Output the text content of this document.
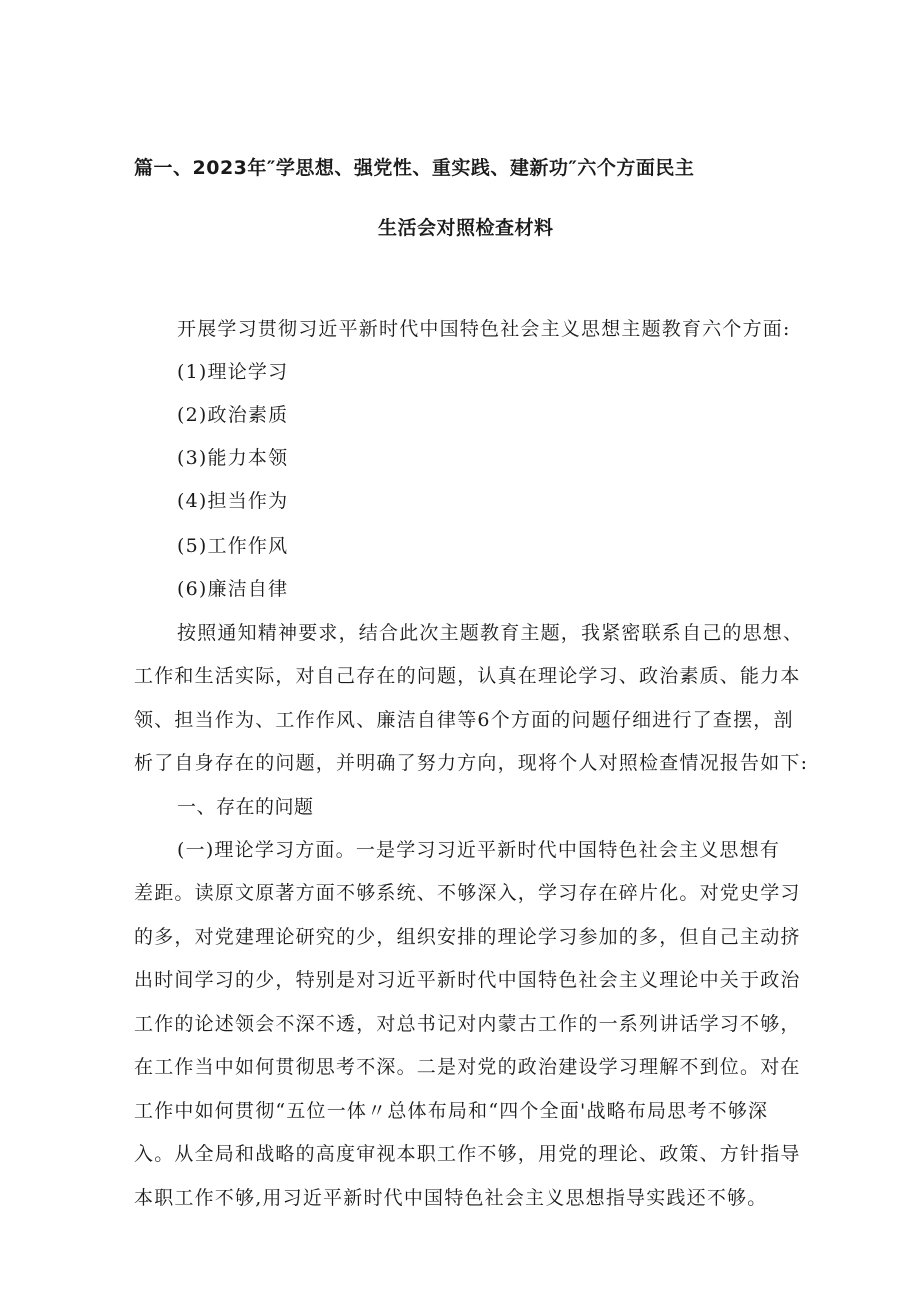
篇一、2023年″学思想、强党性、重实践、建新功″六个方面民主
生活会对照检查材料
开展学习贯彻习近平新时代中国特色社会主义思想主题教育六个方面:
(1)理论学习
(2)政治素质
(3)能力本领
(4)担当作为
(5)工作作风
(6)廉洁自律
按照通知精神要求，结合此次主题教育主题，我紧密联系自己的思想、
工作和生活实际，对自己存在的问题，认真在理论学习、政治素质、能力本
领、担当作为、工作作风、廉洁自律等6个方面的问题仔细进行了查摆，剖
析了自身存在的问题，并明确了努力方向，现将个人对照检查情况报告如下:
一、存在的问题
(一)理论学习方面。一是学习习近平新时代中国特色社会主义思想有
差距。读原文原著方面不够系统、不够深入，学习存在碎片化。对党史学习
的多，对党建理论研究的少，组织安排的理论学习参加的多，但自己主动挤
出时间学习的少，特别是对习近平新时代中国特色社会主义理论中关于政治
工作的论述领会不深不透，对总书记对内蒙古工作的一系列讲话学习不够，
在工作当中如何贯彻思考不深。二是对党的政治建设学习理解不到位。对在
工作中如何贯彻“五位一体〃总体布局和“四个全面'战略布局思考不够深
入。从全局和战略的高度审视本职工作不够，用党的理论、政策、方针指导
本职工作不够,用习近平新时代中国特色社会主义思想指导实践还不够。
